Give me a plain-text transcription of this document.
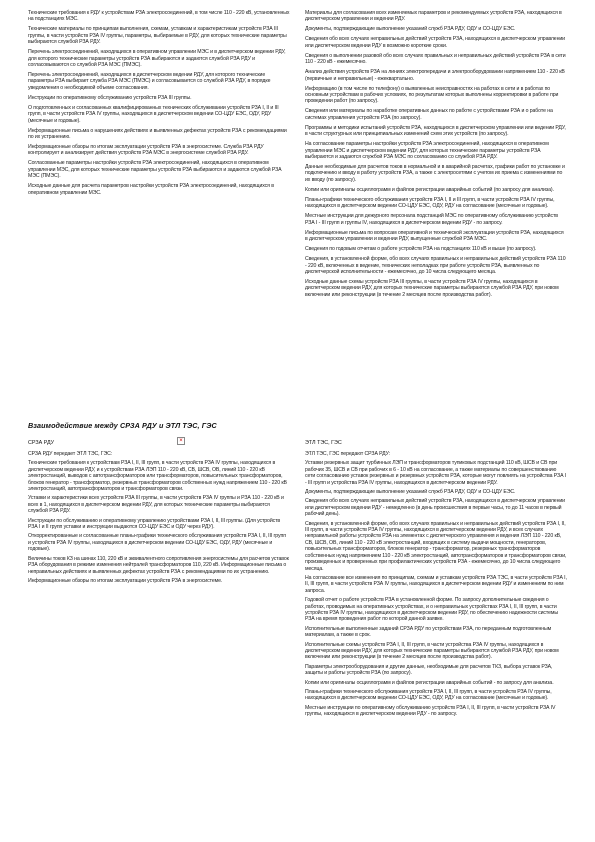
Технические требования к РДУ к устройствам РЗА электросоединений, в том числе 110 - 220 кВ, установленных на подстанциях МЭС.

Технические материалы по принципам выполнения, схемам, уставкам и характеристикам устройств РЗА III группы, в части устройств РЗА IV группы, параметры, выбираемые в РДУ, для которых технические параметры выбираются службой РЗА РДУ.

Перечень электросоединений, находящихся в оперативном управлении МЭС и в диспетчерском ведении РДУ, для которого технические параметры устройств РЗА выбираются и задаются службой РЗА РДУ и согласовываются со службой РЗА МЭС (ПМЭС).

Перечень электросоединений, находящихся в диспетчерском ведении РДУ, для которого технические параметры РЗА выбирает служба РЗА МЭС (ПМЭС) и согласовывается со службой РЗА РДУ, в порядке уведомления о необходимой объеме согласования.

Инструкции по оперативному обслуживанию устройств РЗА III группы.

О подготовленных и согласованных квалифицированных технических обслуживании устройств РЗА I, II и III групп, в части устройств РЗА IV группы, находящихся в диспетчерском ведении СО-ЦДУ ЕЭС, ОДУ, РДУ (месячные и годовые).

Информационные письма о нарушениях действиях и выявленных дефектах устройств РЗА с рекомендациями по их устранению.

Информационные обзоры по итогам эксплуатации устройств РЗА в энергосистеме. Служба РЗА РДУ контролирует и анализирует действия устройств РЗА МЭС в энергосистеме службой РЗА РДУ.

Согласованные параметры настройки устройств РЗА электросоединений, находящихся в оперативном управлении МЭС, для которых технические параметры устройств РЗА выбираются и задаются службой РЗА МЭС (ПМЭС).

Исходные данные для расчета параметров настройки устройств РЗА электросоединений, находящихся в оперативном управлении МЭС.

Материалы для согласования всех изменяемых параметров и рекомендуемых устройств РЗА, находящихся в диспетчерском управлении и ведении РДУ.

Документы, подтверждающие выполнение указаний служб РЗА РДУ, ОДУ и СО-ЦДУ ЕЭС.

Сведения обо всех случаях неправильных действий устройств РЗА, находящихся в диспетчерском управлении или диспетчерском ведении РДУ в возможно короткие сроки.

Сведения о выполнении разовой обо всех случаях правильных и неправильных действий устройств РЗА в сети 110 - 220 кВ - ежемесячно.

Анализ действия устройств РЗА на линиях электропередачи и электрооборудовании напряжением 110 - 220 кВ (первичные и неправильные) - ежеквартально.

Информацию (в том числе по телефону) о выявленных неисправностях на работах в сети и в работах по основным устройствам в рабочих условиях, по результатам которых выполнены корректировки в работе при проведении работ (по запросу).

Сведения или материалы по наработке оперативных данных по работе с устройствами РЗА и о работе на системах управления устройств РЗА (по запросу).

Программы и методики испытаний устройств РЗА, находящихся в диспетчерском управлении или ведении РДУ, в части структурных или принципиальных изменений схем этих устройств (по запросу).

На согласование параметры настройки устройств РЗА электросоединений, находящихся в оперативном управлении МЭС и диспетчерском ведении РДУ, для которых технические параметры устройств РЗА выбираются и задаются службой РЗА МЭС по согласованию со службой РЗА РДУ.

Данные необходимые для расчетов токов в нормальной и в аварийной расчетах, графики работ по установке и подключению и вводу в работу устройств РЗА, а также с электросетями с учетом их приема с изменениями по их вводу (по запросу).

Копии или оригиналы осциллограмм и файлов регистрации аварийных событий (по запросу для анализа).

Планы-графики технического обслуживания устройств РЗА I, II и III групп, в части устройств РЗА IV группы, находящихся в диспетчерском ведении СО-ЦДУ ЕЭС, ОДУ, РДУ на согласование (месячные и годовые).

Местные инструкции для дежурного персонала подстанций МЭС по оперативному обслуживанию устройств РЗА I - III групп и группы IV, находящихся в диспетчерском ведении РДУ - по запросу.

Информационные письма по вопросам оперативной и технической эксплуатации устройств РЗА, находящихся в диспетчерском управлении и ведении РДУ, выпущенные службой РЗА МЭС.

Сведения по годовым отчетам о работе устройств РЗА на подстанциях 110 кВ и выше (по запросу).

Сведения, в установленной форме, обо всех случаях правильных и неправильных действий устройств РЗА 110 - 220 кВ, включенных в ведение, технических неполадках при работе устройств РЗА, выявленных по диспетчерской исполнительности - ежемесячно, до 10 числа следующего месяца.

Исходные данные схемы устройств РЗА III группы, в части устройств РЗА IV группы, находящихся в диспетчерском ведении РДУ, для которых технические параметры выбираются службой РЗА РДУ, при новом включении или реконструкции (в течение 2 месяцев после производства работ).

Взаимодействие между СРЗА РДУ и ЭТЛ ТЭС, ГЭС
СРЗА РДУ	×	ЭТЛ ТЭС, ГЭС

СРЗА РДУ передает ЭТЛ ТЭС, ГЭС:

Технические требования к устройствам РЗА I, II, III групп, в части устройств РЗА IV группы, находящихся в диспетчерском ведении РДУ, и к устройствам РЗА ЛЭП 110 - 220 кВ, СВ, ШСВ, ОВ, линий 110 - 220 кВ электростанций, выводов с автотрансформаторов или трансформаторов, повысительных трансформаторов, блоков генератор - трансформатор, резервных трансформаторов собственных нужд напряжением 110 - 220 кВ электростанций, автотрансформаторов и трансформаторов связи.

Уставки и характеристики всех устройств РЗА III группы, в части устройств РЗА IV группы и РЗА 110 - 220 кВ и всех в 1, находящихся в диспетчерском ведении РДУ, для которых технические параметры выбираются службой РЗА РДУ.

Инструкции по обслуживанию и оперативному управлению устройствами РЗА I, II, III группы. (Для устройств РЗА I и II групп уставки и инструкции выдаются СО-ЦДУ ЕЭС и ОДУ через РДУ).

Откорректированные и согласованные планы-графики технического обслуживания устройств РЗА I, II, III групп и устройств РЗА IV группы, находящихся в диспетчерском ведении СО-ЦДУ ЕЭС, ОДУ, РДУ (месячные и годовые).

Величины токов КЗ на шинах 110, 220 кВ и эквивалентного сопротивления энергосистемы для расчетов уставок РЗА оборудования в режиме изменения нейтралей трансформаторов 110, 220 кВ. Информационные письма о неправильных действиях и выявленных дефектах устройств РЗА с рекомендациями по их устранению.

Информационные обзоры по итогам эксплуатации устройств РЗА в энергосистеме.

ЭТЛ ТЭС, ГЭС передают СРЗА РДУ:

Уставки резервных защит турбинных ЛЭП и трансформаторов тупиковых подстанций 110 кВ, ШСВ и СВ при рабочих 35, ШСВ и СВ при рабочих в 6 - 10 кВ на согласование, а также материалы по совершенствованию сети согласованию уставок резервных и резервных устройств РЗА, которые могут повлиять на устройства РЗА I - III групп и устройства РЗА IV группы, находящихся в диспетчерском ведении РДУ.

Документы, подтверждающие выполнение указаний служб РЗА РДУ, ОДУ и СО-ЦДУ ЕЭС.

Сведения обо всех случаях неправильных действий устройств РЗА, находящихся в диспетчерском управлении или диспетчерском ведении РДУ - немедленно (в день происшествия в первые часы, то до 11 часов в первый рабочий день).

Сведения, в установленной форме, обо всех случаях правильных и неправильных действий устройств РЗА I, II, III групп, в части устройств РЗА IV группы, находящихся в диспетчерском ведении РДУ, и всех случаях неправильной работы устройств РЗА на элементах с диспетчерского управления и ведения ЛЭП 110 - 220 кВ, СВ, ШСВ, ОВ, линий 110 - 220 кВ электростанций, входящих в систему выдачи мощности, генераторов, повысительных трансформаторов, блоков генератор - трансформатор, резервных трансформаторов собственных нужд напряжением 110 - 220 кВ электростанций, автотрансформаторов и трансформаторов связи, произведенных и проверенных при профилактических устройств РЗА - ежемесячно, до 10 числа следующего месяца.

На согласование все изменения по принципам, схемам и уставкам устройств РЗА ТЭС, в части устройств РЗА I, II, III групп, в части устройств РЗА IV группы, находящихся в диспетчерском ведении РДУ и изменениям по ним запроса.

Годовой отчет о работе устройств РЗА в установленной форме. По запросу дополнительные сведения о работах, проводимых на оперативных устройствах, и о неправильных устройствах РЗА I, II, III групп, в части устройств РЗА IV группы, находящихся в диспетчерском ведении РДУ, по обеспечению надежности системы РЗА на время проведения работ по которой данной заявке.

Исполнительные выполненные заданий СРЗА РДУ по устройствам РЗА, по переданным подготовленным материалам, а также в срок.

Исполнительные схемы устройств РЗА I, II, III групп, в части устройства РЗА IV группы, находящихся в диспетчерском ведении РДУ, для которых технические параметры выбираются службой РЗА РДУ, при новом включении или реконструкции (в течение 2 месяцев после производства работ).

Параметры электрооборудования и другие данные, необходимые для расчетов ТКЗ, выбора уставок РЗА, защиты и работы устройств РЗА (по запросу).

Копии или оригиналы осциллограмм и файлов регистрации аварийных событий - по запросу для анализа.

Планы-графики технического обслуживания устройств РЗА I, II, III групп, в части устройств РЗА IV группы, находящихся в диспетчерском ведении СО-ЦДУ ЕЭС, ОДУ, РДУ на согласование (месячные и годовые).

Местные инструкции по оперативному обслуживанию устройств РЗА I, II, III групп, в части устройств РЗА IV группы, находящихся в диспетчерском ведении РДУ - по запросу.
